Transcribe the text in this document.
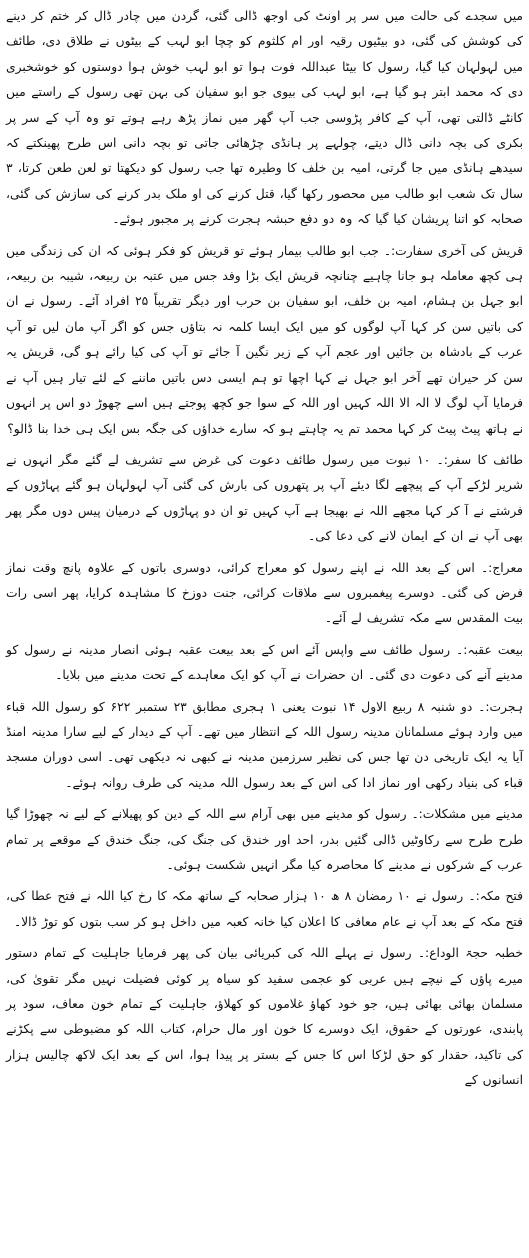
میں سجدے کی حالت میں سر پر اونٹ کی اوجھ ڈالی گئی، گردن میں چادر ڈال کر ختم کر دینے کی کوشش کی گئی، دو بیٹیوں رقیہ اور ام کلثوم کو چچا ابو لہب کے بیٹوں نے طلاق دی، طائف میں لہولہان کیا گیا، رسول کا بیٹا عبداللہ فوت ہوا تو ابو لہب خوش ہوا دوستوں کو خوشخبری دی کہ محمد ابتر ہو گیا ہے، ابو لہب کی بیوی جو ابو سفیان کی بہن تھی رسول کے راستے میں کانٹے ڈالتی تھی، آپ کے کافر پڑوسی جب آپ گھر میں نماز پڑھ رہے ہوتے تو وہ آپ کے سر پر بکری کی بچہ دانی ڈال دیتے، چولہے پر ہانڈی چڑھائی جاتی تو بچہ دانی اس طرح پھینکتے کہ سیدھے ہانڈی میں جا گرتی، امیہ بن خلف کا وطیرہ تھا جب رسول کو دیکھتا تو لعن طعن کرتا، ۳ سال تک شعب ابو طالب میں محصور رکھا گیا، قتل کرنے کی او ملک بدر کرنے کی سازش کی گئی، صحابہ کو اتنا پریشان کیا گیا کہ وہ دو دفع حبشہ ہجرت کرنے پر مجبور ہوئے۔

قریش کی آخری سفارت:۔ جب ابو طالب بیمار ہوئے تو قریش کو فکر ہوئی کہ ان کی زندگی میں ہی کچھ معاملہ ہو جانا چاہیے چنانچہ قریش ایک بڑا وفد جس میں عتبہ بن ربیعہ، شیبہ بن ربیعہ، ابو جہل بن ہشام، امیہ بن خلف، ابو سفیان بن حرب اور دیگر تقریباً ۲۵ افراد آئے۔ رسول نے ان کی باتیں سن کر کہا آپ لوگوں کو میں ایک ایسا کلمہ نہ بتاؤں جس کو اگر آپ مان لیں تو آپ عرب کے بادشاہ بن جائیں اور عجم آپ کے زیر نگین آ جائے تو آپ کی کیا رائے ہو گی، قریش یہ سن کر حیران تھے آخر ابو جہل نے کہا اچھا تو ہم ایسی دس باتیں ماننے کے لئے تیار ہیں آپ نے فرمایا آپ لوگ لا الہ الا اللہ کہیں اور اللہ کے سوا جو کچھ پوجتے ہیں اسے چھوڑ دو اس پر انہوں نے ہاتھ پیٹ پیٹ کر کہا محمد تم یہ چاہتے ہو کہ سارے خداؤں کی جگہ بس ایک ہی خدا بنا ڈالو؟

طائف کا سفر:۔ ۱۰ نبوت میں رسول طائف دعوت کی غرض سے تشریف لے گئے مگر انہوں نے شریر لڑکے آپ کے پیچھے لگا دیئے آپ پر پتھروں کی بارش کی گئی آپ لہولہان ہو گئے پہاڑوں کے فرشتے نے آ کر کہا مجھے اللہ نے بھیجا ہے آپ کہیں تو ان دو پہاڑوں کے درمیان پیس دوں مگر پھر بھی آپ نے ان کے ایمان لانے کی دعا کی۔

معراج:۔ اس کے بعد اللہ نے اپنے رسول کو معراج کرائی، دوسری باتوں کے علاوہ پانچ وقت نماز فرض کی گئی۔ دوسرے پیغمبروں سے ملاقات کرائی، جنت دوزخ کا مشاہدہ کرایا، پھر اسی رات بیت المقدس سے مکہ تشریف لے آئے۔

بیعت عقبہ:۔ رسول طائف سے واپس آئے اس کے بعد بیعت عقبہ ہوئی انصار مدینہ نے رسول کو مدینے آنے کی دعوت دی گئی۔ ان حضرات نے آپ کو ایک معاہدے کے تحت مدینے میں بلایا۔

ہجرت:۔ دو شنبہ ۸ ربیع الاول ۱۴ نبوت یعنی ۱ ہجری مطابق ۲۳ ستمبر ۶۲۲ کو رسول اللہ قباء میں وارد ہوئے مسلمانان مدینہ رسول اللہ کے انتظار میں تھے۔ آپ کے دیدار کے لیے سارا مدینہ امنڈ آیا یہ ایک تاریخی دن تھا جس کی نظیر سرزمین مدینہ نے کبھی نہ دیکھی تھی۔ اسی دوران مسجد قباء کی بنیاد رکھی اور نماز ادا کی اس کے بعد رسول اللہ مدینہ کی طرف روانہ ہوئے۔

مدینے میں مشکلات:۔ رسول کو مدینے میں بھی آرام سے اللہ کے دین کو پھیلانے کے لیے نہ چھوڑا گیا طرح طرح سے رکاوٹیں ڈالی گئیں بدر، احد اور خندق کی جنگ کی، جنگ خندق کے موقعے پر تمام عرب کے شرکوں نے مدینے کا محاصرہ کیا مگر انہیں شکست ہوئی۔

فتح مکہ:۔ رسول نے ۱۰ رمضان ۸ ھ ۱۰ ہزار صحابہ کے ساتھ مکہ کا رخ کیا اللہ نے فتح عطا کی، فتح مکہ کے بعد آپ نے عام معافی کا اعلان کیا خانہ کعبہ میں داخل ہو کر سب بتوں کو توڑ ڈالا۔

خطبہ حجۃ الوداع:۔ رسول نے پہلے اللہ کی کبریائی بیان کی پھر فرمایا جاہلیت کے تمام دستور میرے پاؤں کے نیچے ہیں عربی کو عجمی سفید کو سیاہ پر کوئی فضیلت نہیں مگر تقویٰ کی، مسلمان بھائی بھائی ہیں، جو خود کھاؤ غلاموں کو کھلاؤ، جاہلیت کے تمام خون معاف، سود پر پابندی، عورتوں کے حقوق، ایک دوسرے کا خون اور مال حرام، کتاب اللہ کو مضبوطی سے پکڑنے کی تاکید، حقدار کو حق لڑکا اس کا جس کے بستر پر پیدا ہوا، اس کے بعد ایک لاکھ چالیس ہزار انسانوں کے
